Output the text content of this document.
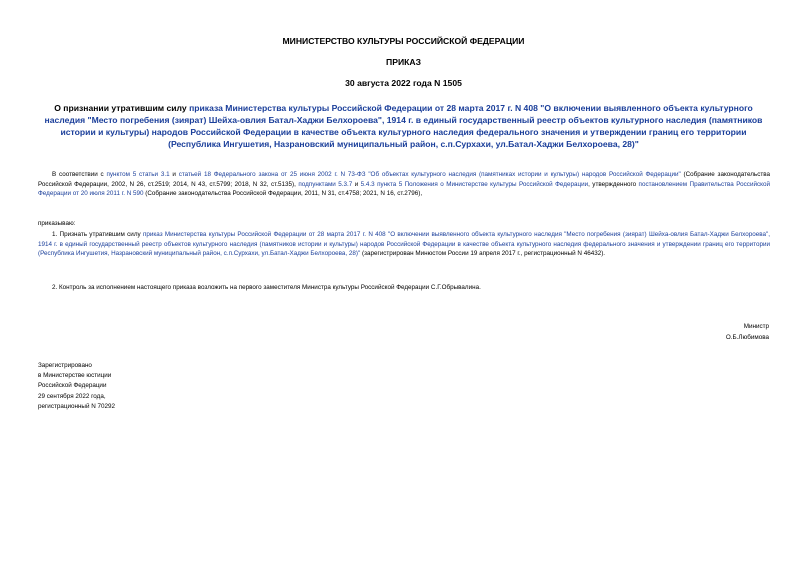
МИНИСТЕРСТВО КУЛЬТУРЫ РОССИЙСКОЙ ФЕДЕРАЦИИ
ПРИКАЗ
30 августа 2022 года N 1505
О признании утратившим силу приказа Министерства культуры Российской Федерации от 28 марта 2017 г. N 408 "О включении выявленного объекта культурного наследия "Место погребения (зиярат) Шейха-овлия Батал-Хаджи Белхороева", 1914 г. в единый государственный реестр объектов культурного наследия (памятников истории и культуры) народов Российской Федерации в качестве объекта культурного наследия федерального значения и утверждении границ его территории (Республика Ингушетия, Назрановский муниципальный район, с.п.Сурхахи, ул.Батал-Хаджи Белхороева, 28)"
В соответствии с пунктом 5 статьи 3.1 и статьей 18 Федерального закона от 25 июня 2002 г. N 73-ФЗ "Об объектах культурного наследия (памятниках истории и культуры) народов Российской Федерации" (Собрание законодательства Российской Федерации, 2002, N 26, ст.2519; 2014, N 43, ст.5799; 2018, N 32, ст.5135), подпунктами 5.3.7 и 5.4.3 пункта 5 Положения о Министерстве культуры Российской Федерации, утвержденного постановлением Правительства Российской Федерации от 20 июля 2011 г. N 590 (Собрание законодательства Российской Федерации, 2011, N 31, ст.4758; 2021, N 16, ст.2796),
приказываю:
1. Признать утратившим силу приказ Министерства культуры Российской Федерации от 28 марта 2017 г. N 408 "О включении выявленного объекта культурного наследия "Место погребения (зиярат) Шейха-овлия Батал-Хаджи Белхороева", 1914 г. в единый государственный реестр объектов культурного наследия (памятников истории и культуры) народов Российской Федерации в качестве объекта культурного наследия федерального значения и утверждении границ его территории (Республика Ингушетия, Назрановский муниципальный район, с.п.Сурхахи, ул.Батал-Хаджи Белхороева, 28)" (зарегистрирован Минюстом России 19 апреля 2017 г., регистрационный N 46432).
2. Контроль за исполнением настоящего приказа возложить на первого заместителя Министра культуры Российской Федерации С.Г.Обрывалина.
Министр
О.Б.Любимова
Зарегистрировано
в Министерстве юстиции
Российской Федерации
29 сентября 2022 года,
регистрационный N 70292
